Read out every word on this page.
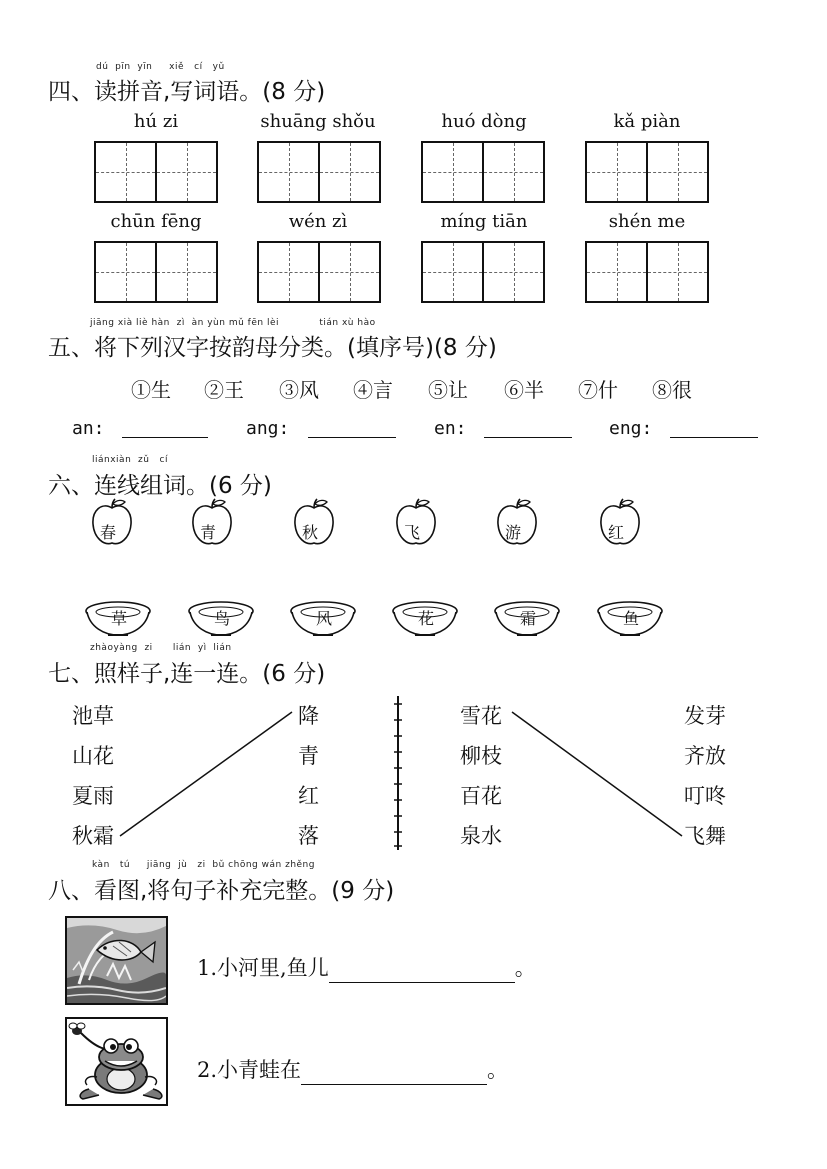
dú pīn yīn xiě cí yǔ
四、读拼音,写词语。(8 分)
hú zi	shuāng shǒu	huó dòng	kǎ piàn
chūn fēng	wén zì	míng tiān	shén me
jiāng xià liè hàn zì àn yùn mǔ fēn lèi	tián xù hào
五、将下列汉字按韵母分类。(填序号)(8 分)
①生 ②王 ③风 ④言 ⑤让 ⑥半 ⑦什 ⑧很
an:	ang:	en:	eng:
liánxiàn zǔ cí
六、连线组词。(6 分)
春	青	秋	飞	游	红
草	鸟	风	花	霜	鱼
zhàoyàng zi lián yì lián
七、照样子,连一连。(6 分)
池草
山花
夏雨
秋霜
降
青
红
落
雪花
柳枝
百花
泉水
发芽
齐放
叮咚
飞舞
kàn tú jiāng jù zi bǔ chōng wán zhěng
八、看图,将句子补充完整。(9 分)
1.小河里,鱼儿	。
2.小青蛙在	。
